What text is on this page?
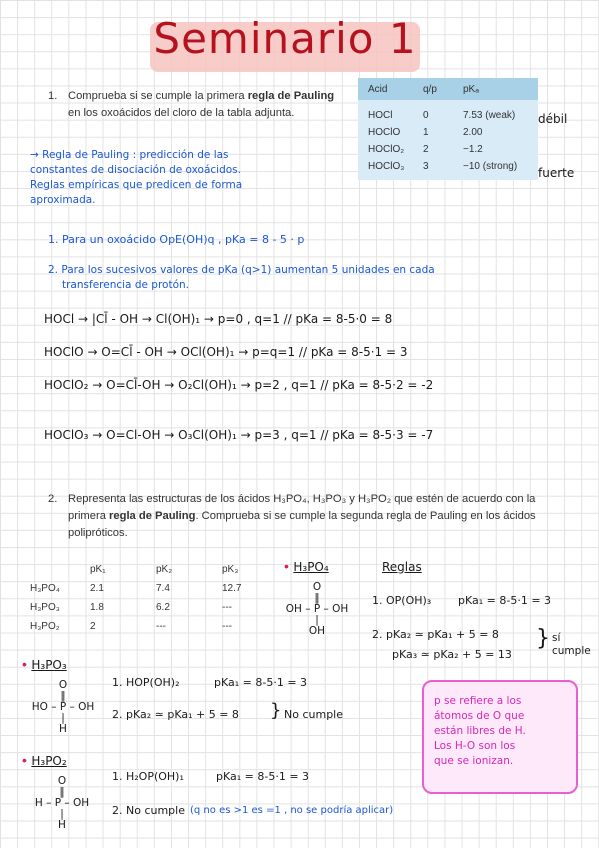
Seminario 1
1. Comprueba si se cumple la primera regla de Pauling
en los oxoácidos del cloro de la tabla adjunta.
Acid	q/p	pKₐ
HOCl	0	7.53 (weak)
HOClO	1	2.00
HOClO₂	2	−1.2
HOClO₃	3	−10 (strong)
débil
fuerte
→ Regla de Pauling : predicción de las
constantes de disociación de oxoácidos.
Reglas empíricas que predicen de forma
aproximada.
1. Para un oxoácido OpE(OH)q , pKa = 8 - 5 · p
2. Para los sucesivos valores de pKa (q>1) aumentan 5 unidades en cada
transferencia de protón.
HOCl → |Cl̄ - OH → Cl(OH)₁ → p=0 , q=1 // pKa = 8-5·0 = 8
HOClO → O=Cl̄ - OH → OCl(OH)₁ → p=q=1 // pKa = 8-5·1 = 3
HOClO₂ → O=Cl̄-OH → O₂Cl(OH)₁ → p=2 , q=1 // pKa = 8-5·2 = -2
HOClO₃ → O=Cl-OH → O₃Cl(OH)₁ → p=3 , q=1 // pKa = 8-5·3 = -7
2. Representa las estructuras de los ácidos H₃PO₄, H₃PO₃ y H₃PO₂ que estén de acuerdo con la
primera regla de Pauling. Comprueba si se cumple la segunda regla de Pauling en los ácidos
polipróticos.
	pK₁	pK₂	pK₃
H₃PO₄	2.1	7.4	12.7
H₃PO₃	1.8	6.2	---
H₃PO₂	2	---	---
• H₃PO₄
O
‖
OH – P – OH
|
OH
Reglas
1. OP(OH)₃ pKa₁ = 8-5·1 = 3
2. pKa₂ ≃ pKa₁ + 5 = 8
pKa₃ ≃ pKa₂ + 5 = 13
} sí cumple
• H₃PO₃
O
‖
HO – P – OH
|
H
1. HOP(OH)₂	pKa₁ = 8-5·1 = 3
2. pKa₂ ≃ pKa₁ + 5 = 8 } No cumple
• H₃PO₂
O
‖
H – P – OH
|
H
1. H₂OP(OH)₁	pKa₁ = 8-5·1 = 3
2. No cumple (q no es >1 es =1 , no se podría aplicar)
p se refiere a los
átomos de O que
están libres de H.
Los H-O son los
que se ionizan.
